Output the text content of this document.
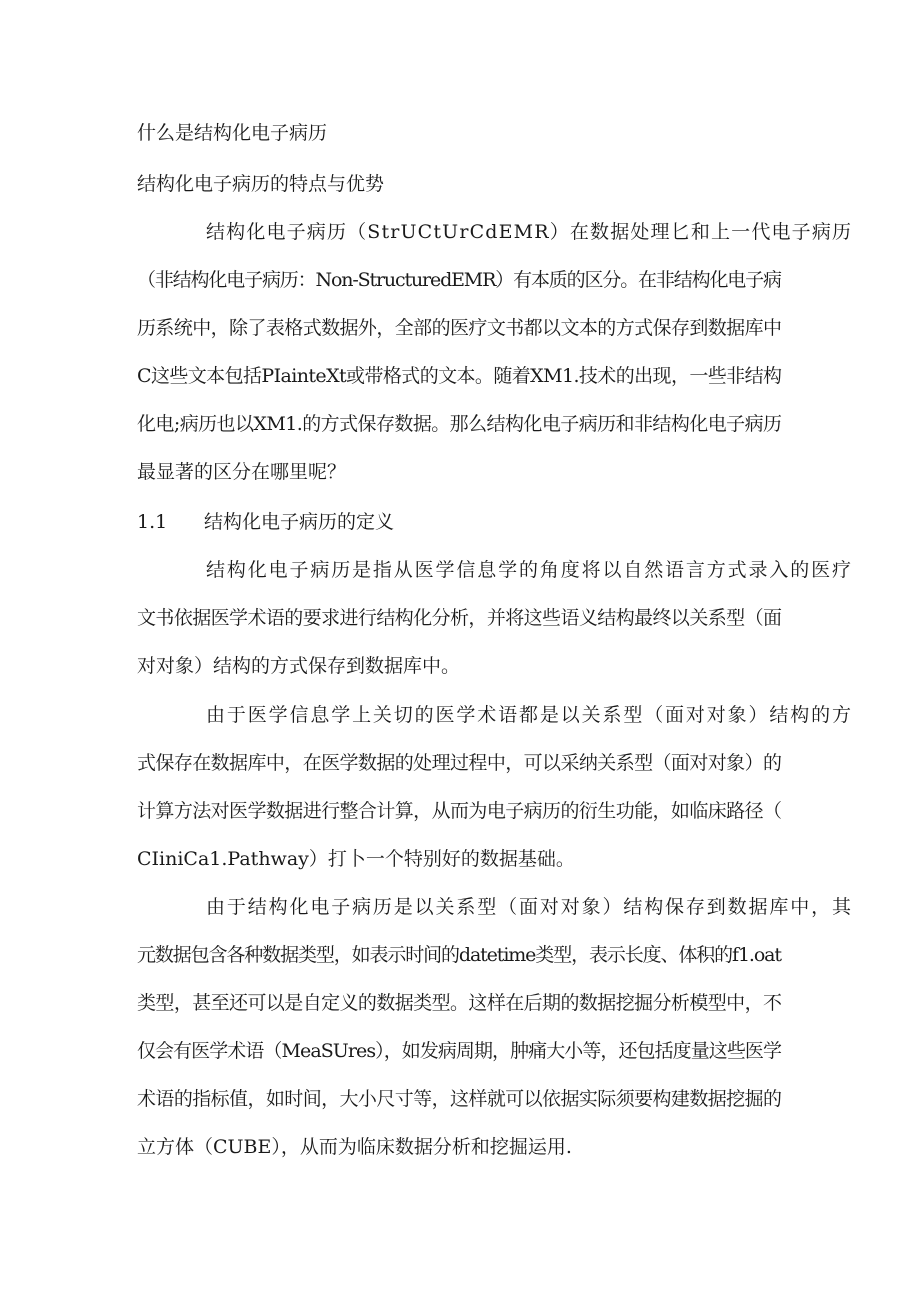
什么是结构化电子病历

结构化电子病历的特点与优势

结构化电子病历（StrUCtUrCdEMR）在数据处理匕和上一代电子病历

（非结构化电子病历：Non-StructuredEMR）有本质的区分。在非结构化电子病

历系统中，除了表格式数据外，全部的医疗文书都以文本的方式保存到数据库中

C这些文本包括PIainteXt或带格式的文本。随着XM1.技术的出现，一些非结构

化电;病历也以XM1.的方式保存数据。那么结构化电子病历和非结构化电子病历

最显著的区分在哪里呢？

1.1 结构化电子病历的定义

结构化电子病历是指从医学信息学的角度将以自然语言方式录入的医疗

文书依据医学术语的要求进行结构化分析，并将这些语义结构最终以关系型（面

对对象）结构的方式保存到数据库中。

由于医学信息学上关切的医学术语都是以关系型（面对对象）结构的方

式保存在数据库中，在医学数据的处理过程中，可以采纳关系型（面对对象）的

计算方法对医学数据进行整合计算，从而为电子病历的衍生功能，如临床路径（

CIiniCa1.Pathway）打卜一个特别好的数据基础。

由于结构化电子病历是以关系型（面对对象）结构保存到数据库中，其

元数据包含各种数据类型，如表示时间的datetime类型，表示长度、体积的f1.oat

类型，甚至还可以是自定义的数据类型。这样在后期的数据挖掘分析模型中，不

仅会有医学术语（MeaSUres），如发病周期，肿痛大小等，还包括度量这些医学

术语的指标值，如时间，大小尺寸等，这样就可以依据实际须要构建数据挖掘的

立方体（CUBE），从而为临床数据分析和挖掘运用.
